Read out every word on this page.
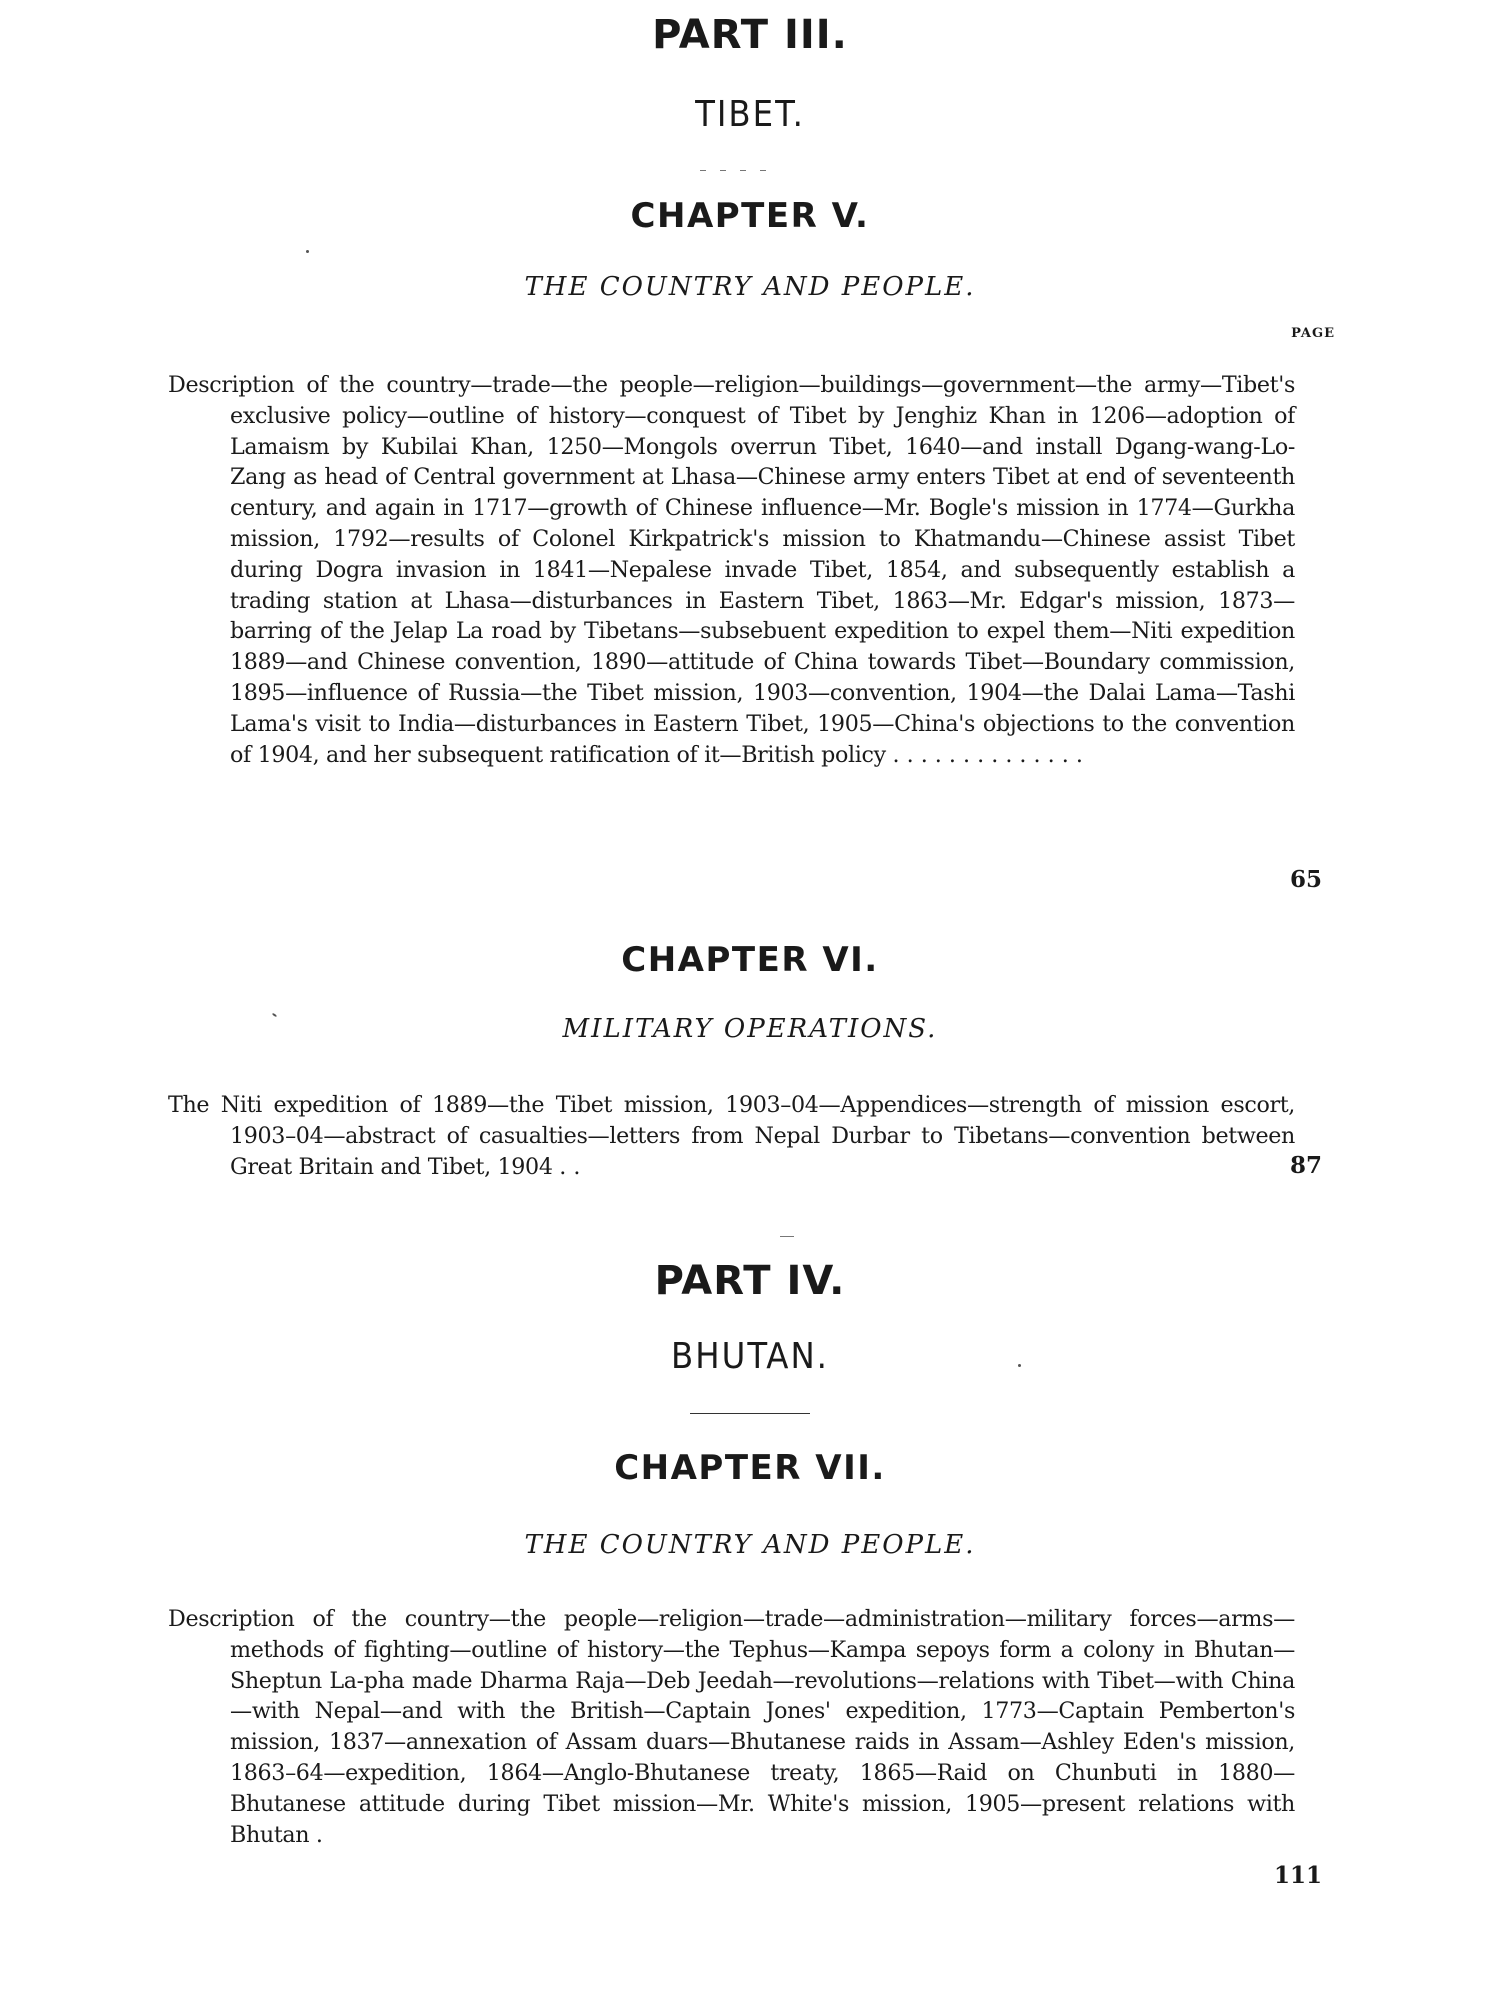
PART III.
TIBET.
CHAPTER V.
THE COUNTRY AND PEOPLE.
PAGE
Description of the country—trade—the people—religion—buildings—government—the army—Tibet's exclusive policy—outline of history—conquest of Tibet by Jenghiz Khan in 1206—adoption of Lamaism by Kubilai Khan, 1250—Mongols overrun Tibet, 1640—and install Dgang-wang-Lo-Zang as head of Central government at Lhasa—Chinese army enters Tibet at end of seventeenth century, and again in 1717—growth of Chinese influence—Mr. Bogle's mission in 1774—Gurkha mission, 1792—results of Colonel Kirkpatrick's mission to Khatmandu—Chinese assist Tibet during Dogra invasion in 1841—Nepalese invade Tibet, 1854, and subsequently establish a trading station at Lhasa—disturbances in Eastern Tibet, 1863—Mr. Edgar's mission, 1873—barring of the Jelap La road by Tibetans—subsebuent expedition to expel them—Niti expedition 1889—and Chinese convention, 1890—attitude of China towards Tibet—Boundary commission, 1895—influence of Russia—the Tibet mission, 1903—convention, 1904—the Dalai Lama—Tashi Lama's visit to India—disturbances in Eastern Tibet, 1905—China's objections to the convention of 1904, and her subsequent ratification of it—British policy . . . . . . . . . . . . . .
65
CHAPTER VI.
MILITARY OPERATIONS.
The Niti expedition of 1889—the Tibet mission, 1903–04—Appendices—strength of mission escort, 1903–04—abstract of casualties—letters from Nepal Durbar to Tibetans—convention between Great Britain and Tibet, 1904 . .	87
PART IV.
BHUTAN.
CHAPTER VII.
THE COUNTRY AND PEOPLE.
Description of the country—the people—religion—trade—administration—military forces—arms—methods of fighting—outline of history—the Tephus—Kampa sepoys form a colony in Bhutan—Sheptun La-pha made Dharma Raja—Deb Jeedah—revolutions—relations with Tibet—with China—with Nepal—and with the British—Captain Jones' expedition, 1773—Captain Pemberton's mission, 1837—annexation of Assam duars—Bhutanese raids in Assam—Ashley Eden's mission, 1863–64—expedition, 1864—Anglo-Bhutanese treaty, 1865—Raid on Chunbuti in 1880—Bhutanese attitude during Tibet mission—Mr. White's mission, 1905—present relations with Bhutan .
111
